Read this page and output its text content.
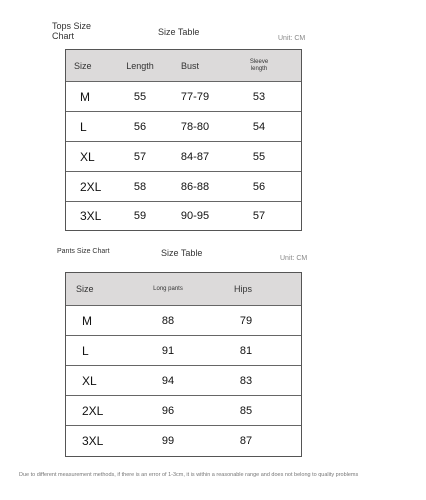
Tops Size
Chart	Size Table
Unit: CM
Size	Length	Bust	Sleeve length
M	55	77-79	53
L	56	78-80	54
XL	57	84-87	55
2XL	58	86-88	56
3XL	59	90-95	57
Pants Size Chart	Size Table
Unit: CM
Size	Long pants	Hips
M	88	79
L	91	81
XL	94	83
2XL	96	85
3XL	99	87
Due to different measurement methods, if there is an error of 1-3cm, it is within a reasonable range and does not belong to quality problems
